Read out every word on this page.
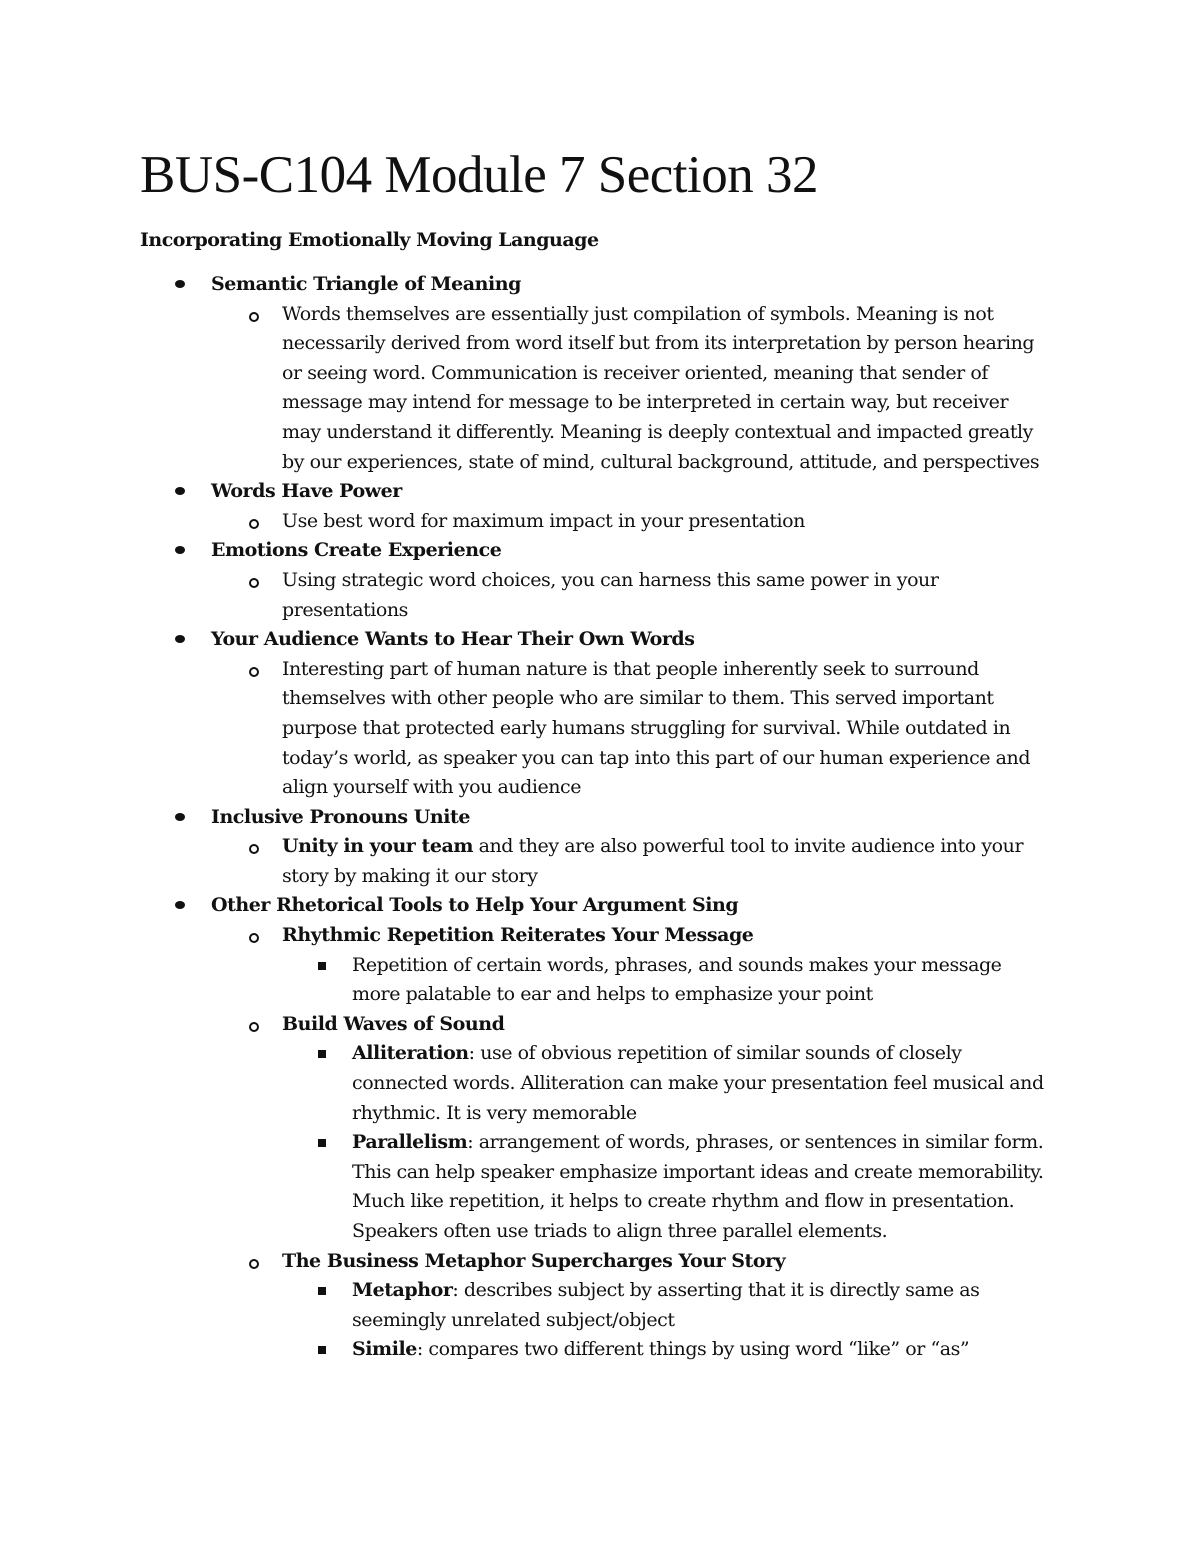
BUS-C104 Module 7 Section 32
Incorporating Emotionally Moving Language
Semantic Triangle of Meaning
Words themselves are essentially just compilation of symbols. Meaning is not
necessarily derived from word itself but from its interpretation by person hearing
or seeing word. Communication is receiver oriented, meaning that sender of
message may intend for message to be interpreted in certain way, but receiver
may understand it differently. Meaning is deeply contextual and impacted greatly
by our experiences, state of mind, cultural background, attitude, and perspectives
Words Have Power
Use best word for maximum impact in your presentation
Emotions Create Experience
Using strategic word choices, you can harness this same power in your
presentations
Your Audience Wants to Hear Their Own Words
Interesting part of human nature is that people inherently seek to surround
themselves with other people who are similar to them. This served important
purpose that protected early humans struggling for survival. While outdated in
today’s world, as speaker you can tap into this part of our human experience and
align yourself with you audience
Inclusive Pronouns Unite
Unity in your team and they are also powerful tool to invite audience into your
story by making it our story
Other Rhetorical Tools to Help Your Argument Sing
Rhythmic Repetition Reiterates Your Message
Repetition of certain words, phrases, and sounds makes your message
more palatable to ear and helps to emphasize your point
Build Waves of Sound
Alliteration: use of obvious repetition of similar sounds of closely
connected words. Alliteration can make your presentation feel musical and
rhythmic. It is very memorable
Parallelism: arrangement of words, phrases, or sentences in similar form.
This can help speaker emphasize important ideas and create memorability.
Much like repetition, it helps to create rhythm and flow in presentation.
Speakers often use triads to align three parallel elements.
The Business Metaphor Supercharges Your Story
Metaphor: describes subject by asserting that it is directly same as
seemingly unrelated subject/object
Simile: compares two different things by using word “like” or “as”
